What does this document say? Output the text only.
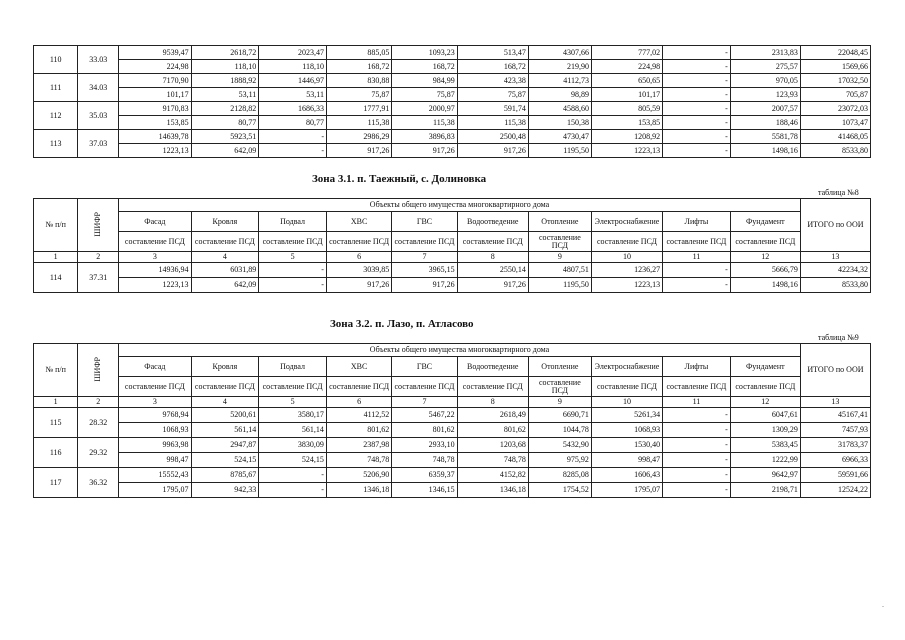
110	33.03	9539,47	2618,72	2023,47	885,05	1093,23	513,47	4307,66	777,02	-	2313,83	22048,45
		224,98	118,10	118,10	168,72	168,72	168,72	219,90	224,98	-	275,57	1569,66
111	34.03	7170,90	1888,92	1446,97	830,88	984,99	423,38	4112,73	650,65	-	970,05	17032,50
		101,17	53,11	53,11	75,87	75,87	75,87	98,89	101,17	-	123,93	705,87
112	35.03	9170,83	2128,82	1686,33	1777,91	2000,97	591,74	4588,60	805,59	-	2007,57	23072,03
		153,85	80,77	80,77	115,38	115,38	115,38	150,38	153,85	-	188,46	1073,47
113	37.03	14639,78	5923,51	-	2986,29	3896,83	2500,48	4730,47	1208,92	-	5581,78	41468,05
		1223,13	642,09	-	917,26	917,26	917,26	1195,50	1223,13	-	1498,16	8533,80
Зона 3.1. п. Таежный, с. Долиновка
таблица №8
№ п/п	ШИФР	Объекты общего имущества многоквартирного дома										ИТОГО по ООИ
		Фасад	Кровля	Подвал	ХВС	ГВС	Водоотведение	Отопление	Электроснабжение	Лифты	Фундамент	
		составление ПСД	составление ПСД	составление ПСД	составление ПСД	составление ПСД	составление ПСД	составление ПСД	составление ПСД	составление ПСД	составление ПСД	
1	2	3	4	5	6	7	8	9	10	11	12	13
114	37.31	14936,94	6031,89	-	3039,85	3965,15	2550,14	4807,51	1236,27	-	5666,79	42234,32
		1223,13	642,09	-	917,26	917,26	917,26	1195,50	1223,13	-	1498,16	8533,80
Зона 3.2. п. Лазо, п. Атласово
таблица №9
№ п/п	ШИФР	Объекты общего имущества многоквартирного дома										ИТОГО по ООИ
		Фасад	Кровля	Подвал	ХВС	ГВС	Водоотведение	Отопление	Электроснабжение	Лифты	Фундамент	
		составление ПСД	составление ПСД	составление ПСД	составление ПСД	составление ПСД	составление ПСД	составление ПСД	составление ПСД	составление ПСД	составление ПСД	
1	2	3	4	5	6	7	8	9	10	11	12	13
115	28.32	9768,94	5200,61	3580,17	4112,52	5467,22	2618,49	6690,71	5261,34	-	6047,61	45167,41
		1068,93	561,14	561,14	801,62	801,62	801,62	1044,78	1068,93	-	1309,29	7457,93
116	29.32	9963,98	2947,87	3830,09	2387,98	2933,10	1203,68	5432,90	1530,40	-	5383,45	31783,37
		998,47	524,15	524,15	748,78	748,78	748,78	975,92	998,47	-	1222,99	6966,33
117	36.32	15552,43	8785,67	-	5206,90	6359,37	4152,82	8285,08	1606,43	-	9642,97	59591,66
		1795,07	942,33	-	1346,18	1346,15	1346,18	1754,52	1795,07	-	2198,71	12524,22
.
